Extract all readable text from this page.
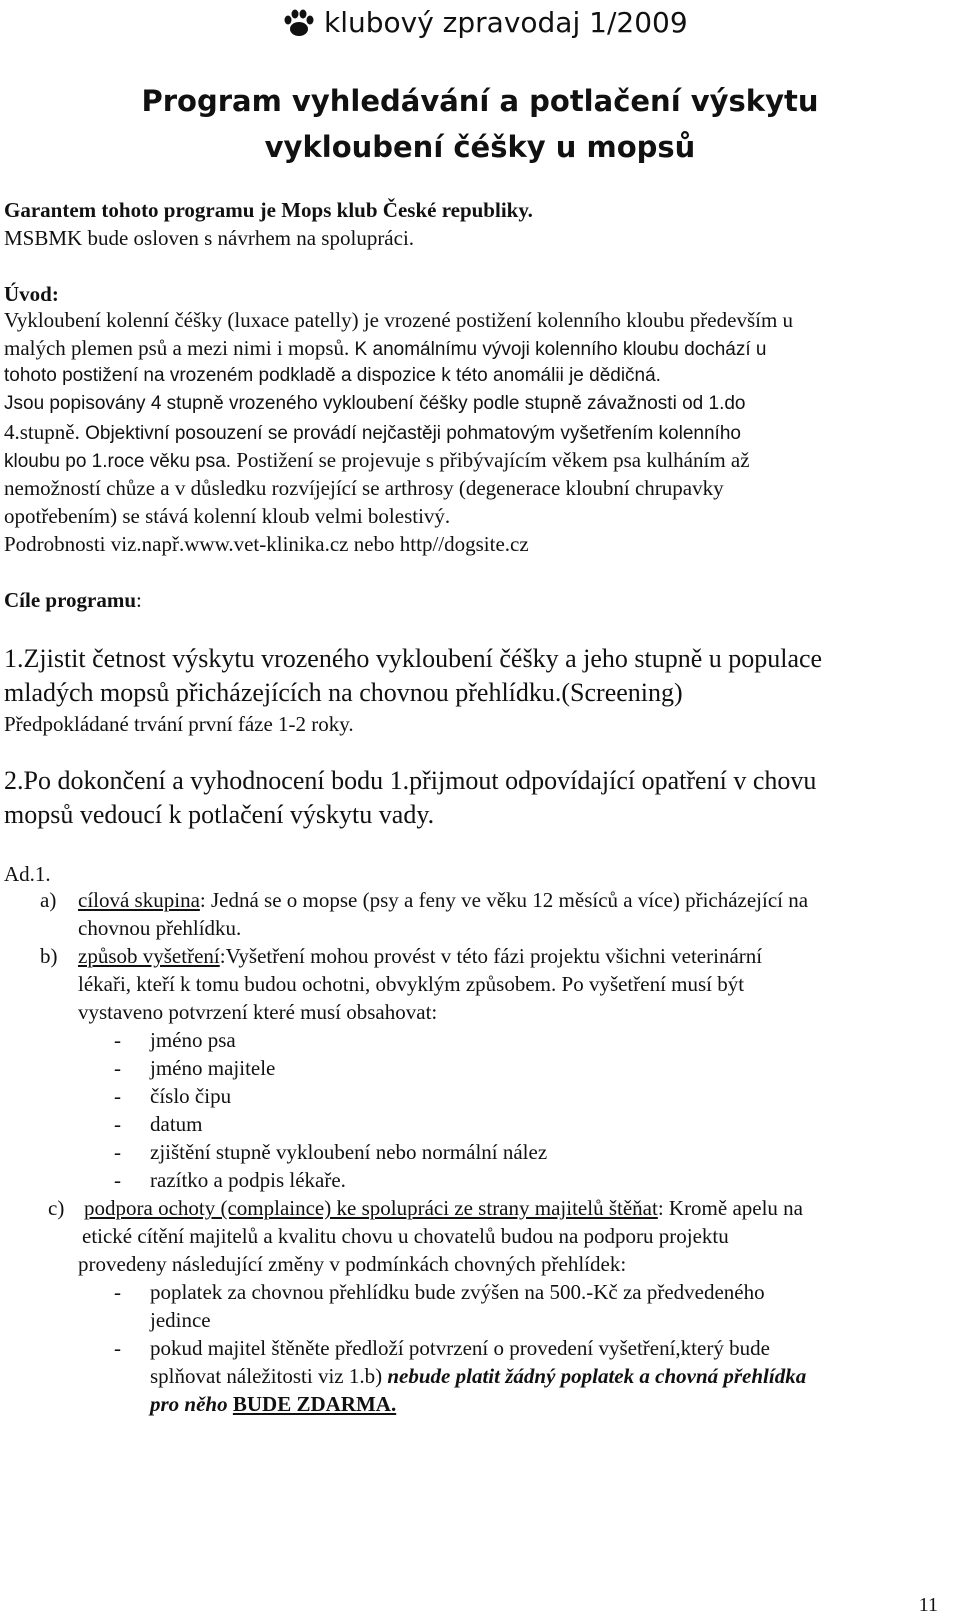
klubový zpravodaj 1/2009
Program vyhledávání a potlačení výskytu
vykloubení čéšky u mopsů
Garantem tohoto programu je Mops klub České republiky.
MSBMK bude osloven s návrhem na spolupráci.
Úvod:
Vykloubení kolenní čéšky (luxace patelly) je vrozené postižení kolenního kloubu především u
malých plemen psů a mezi nimi i mopsů. K anomálnímu vývoji kolenního kloubu dochází u
tohoto postižení na vrozeném podkladě a dispozice k této anomálii je dědičná.
Jsou popisovány 4 stupně vrozeného vykloubení čéšky podle stupně závažnosti od 1.do
4.stupně. Objektivní posouzení se provádí nejčastěji pohmatovým vyšetřením kolenního
kloubu po 1.roce věku psa. Postižení se projevuje s přibývajícím věkem psa kulháním až
nemožností chůze a v důsledku rozvíjející se arthrosy (degenerace kloubní chrupavky
opotřebením) se stává kolenní kloub velmi bolestivý.
Podrobnosti viz.např.www.vet-klinika.cz nebo http//dogsite.cz
Cíle programu:
1.Zjistit četnost výskytu vrozeného vykloubení čéšky a jeho stupně u populace
mladých mopsů přicházejících na chovnou přehlídku.(Screening)
Předpokládané trvání první fáze 1-2 roky.
2.Po dokončení a vyhodnocení bodu 1.přijmout odpovídající opatření v chovu
mopsů vedoucí k potlačení výskytu vady.
Ad.1.
a) cílová skupina: Jedná se o mopse (psy a feny ve věku 12 měsíců a více) přicházející na
chovnou přehlídku.
b) způsob vyšetření:Vyšetření mohou provést v této fázi projektu všichni veterinární
lékaři, kteří k tomu budou ochotni, obvyklým způsobem. Po vyšetření musí být
vystaveno potvrzení které musí obsahovat:
- jméno psa
- jméno majitele
- číslo čipu
- datum
- zjištění stupně vykloubení nebo normální nález
- razítko a podpis lékaře.
c) podpora ochoty (complaince) ke spolupráci ze strany majitelů štěňat: Kromě apelu na
etické cítění majitelů a kvalitu chovu u chovatelů budou na podporu projektu
provedeny následující změny v podmínkách chovných přehlídek:
- poplatek za chovnou přehlídku bude zvýšen na 500.-Kč za předvedeného
jedince
- pokud majitel štěněte předloží potvrzení o provedení vyšetření,který bude
splňovat náležitosti viz 1.b) nebude platit žádný poplatek a chovná přehlídka
pro něho BUDE ZDARMA.
11
